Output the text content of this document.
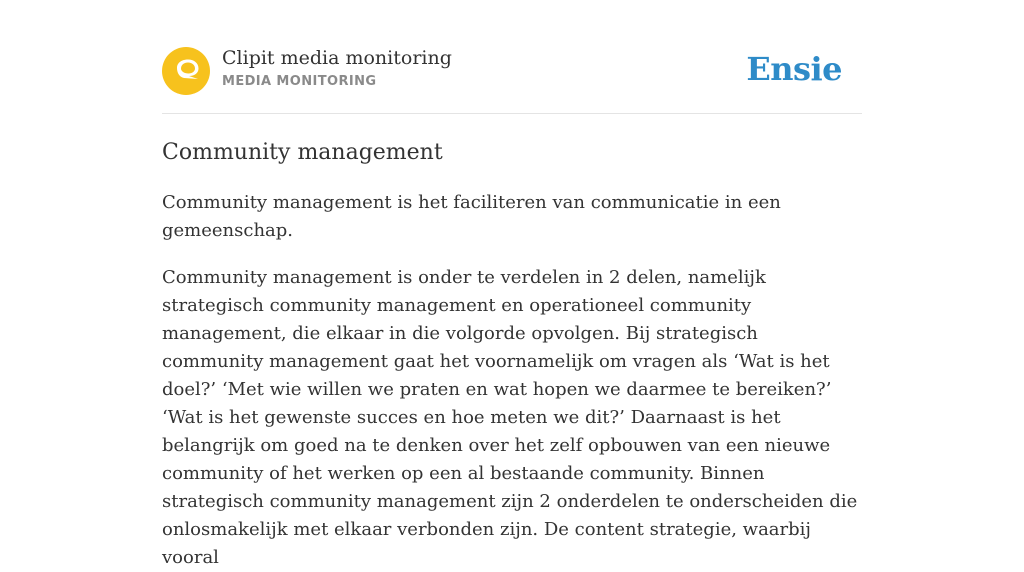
Clipit media monitoring
MEDIA MONITORING	Ensie
Community management

Community management is het faciliteren van communicatie in een gemeenschap.

Community management is onder te verdelen in 2 delen, namelijk strategisch community management en operationeel community management, die elkaar in die volgorde opvolgen. Bij strategisch community management gaat het voornamelijk om vragen als ‘Wat is het doel?’ ‘Met wie willen we praten en wat hopen we daarmee te bereiken?’ ‘Wat is het gewenste succes en hoe meten we dit?’ Daarnaast is het belangrijk om goed na te denken over het zelf opbouwen van een nieuwe community of het werken op een al bestaande community. Binnen strategisch community management zijn 2 onderdelen te onderscheiden die onlosmakelijk met elkaar verbonden zijn. De content strategie, waarbij vooral
